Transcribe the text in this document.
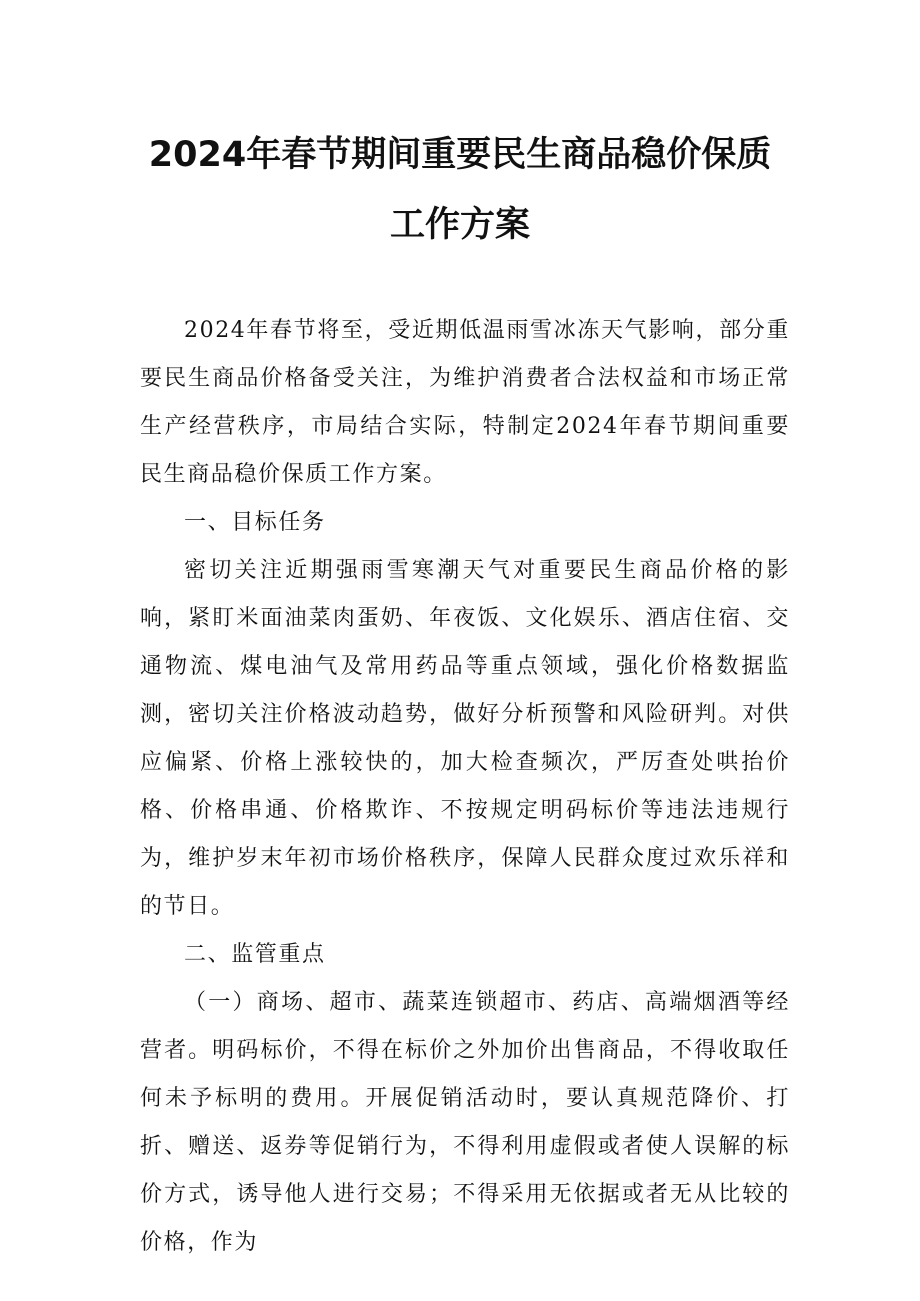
2024年春节期间重要民生商品稳价保质
工作方案

2024年春节将至，受近期低温雨雪冰冻天气影响，部分重要民生商品价格备受关注，为维护消费者合法权益和市场正常生产经营秩序，市局结合实际，特制定2024年春节期间重要民生商品稳价保质工作方案。

一、目标任务

密切关注近期强雨雪寒潮天气对重要民生商品价格的影响，紧盯米面油菜肉蛋奶、年夜饭、文化娱乐、酒店住宿、交通物流、煤电油气及常用药品等重点领域，强化价格数据监测，密切关注价格波动趋势，做好分析预警和风险研判。对供应偏紧、价格上涨较快的，加大检查频次，严厉查处哄抬价格、价格串通、价格欺诈、不按规定明码标价等违法违规行为，维护岁末年初市场价格秩序，保障人民群众度过欢乐祥和的节日。

二、监管重点

（一）商场、超市、蔬菜连锁超市、药店、高端烟酒等经营者。明码标价，不得在标价之外加价出售商品，不得收取任何未予标明的费用。开展促销活动时，要认真规范降价、打折、赠送、返券等促销行为，不得利用虚假或者使人误解的标价方式，诱导他人进行交易；不得采用无依据或者无从比较的价格，作为
